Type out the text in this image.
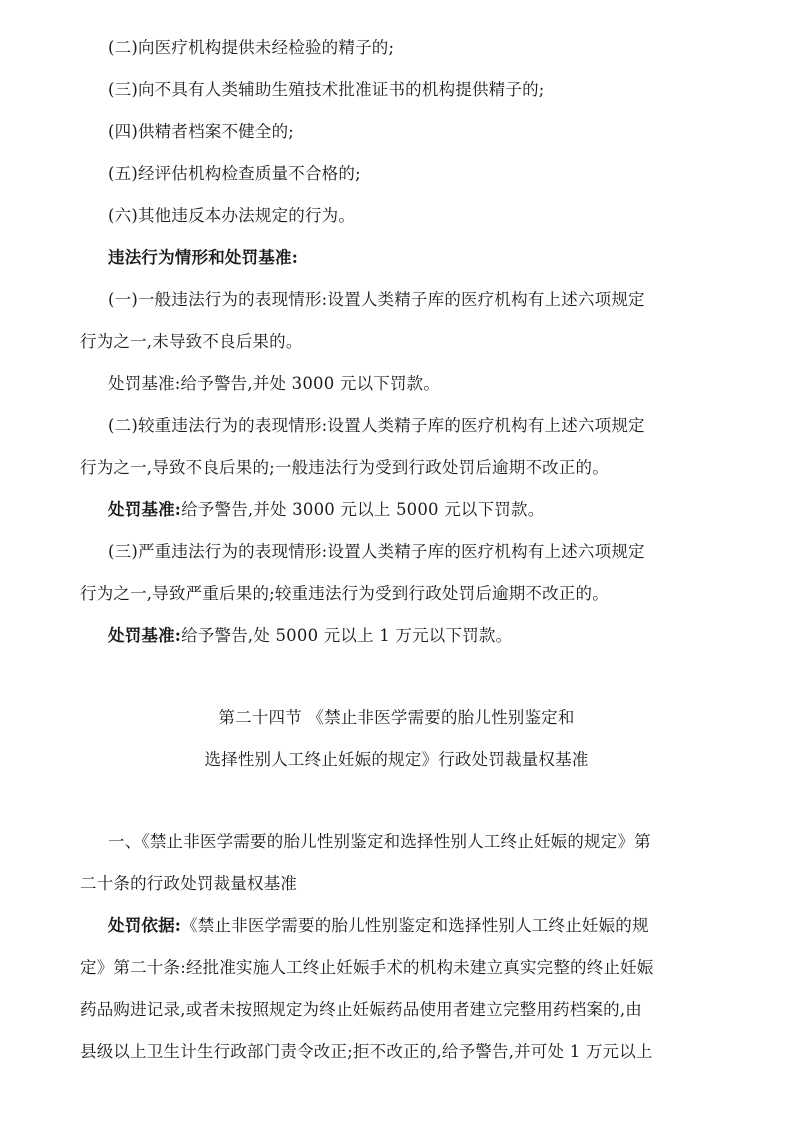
(二)向医疗机构提供未经检验的精子的;
(三)向不具有人类辅助生殖技术批准证书的机构提供精子的;
(四)供精者档案不健全的;
(五)经评估机构检查质量不合格的;
(六)其他违反本办法规定的行为。
违法行为情形和处罚基准:
(一)一般违法行为的表现情形:设置人类精子库的医疗机构有上述六项规定
行为之一,未导致不良后果的。
处罚基准:给予警告,并处 3000 元以下罚款。
(二)较重违法行为的表现情形:设置人类精子库的医疗机构有上述六项规定
行为之一,导致不良后果的;一般违法行为受到行政处罚后逾期不改正的。
处罚基准:给予警告,并处 3000 元以上 5000 元以下罚款。
(三)严重违法行为的表现情形:设置人类精子库的医疗机构有上述六项规定
行为之一,导致严重后果的;较重违法行为受到行政处罚后逾期不改正的。
处罚基准:给予警告,处 5000 元以上 1 万元以下罚款。
第二十四节 《禁止非医学需要的胎儿性别鉴定和
选择性别人工终止妊娠的规定》行政处罚裁量权基准
一、《禁止非医学需要的胎儿性别鉴定和选择性别人工终止妊娠的规定》第
二十条的行政处罚裁量权基准
处罚依据:《禁止非医学需要的胎儿性别鉴定和选择性别人工终止妊娠的规
定》第二十条:经批准实施人工终止妊娠手术的机构未建立真实完整的终止妊娠
药品购进记录,或者未按照规定为终止妊娠药品使用者建立完整用药档案的,由
县级以上卫生计生行政部门责令改正;拒不改正的,给予警告,并可处 1 万元以上
